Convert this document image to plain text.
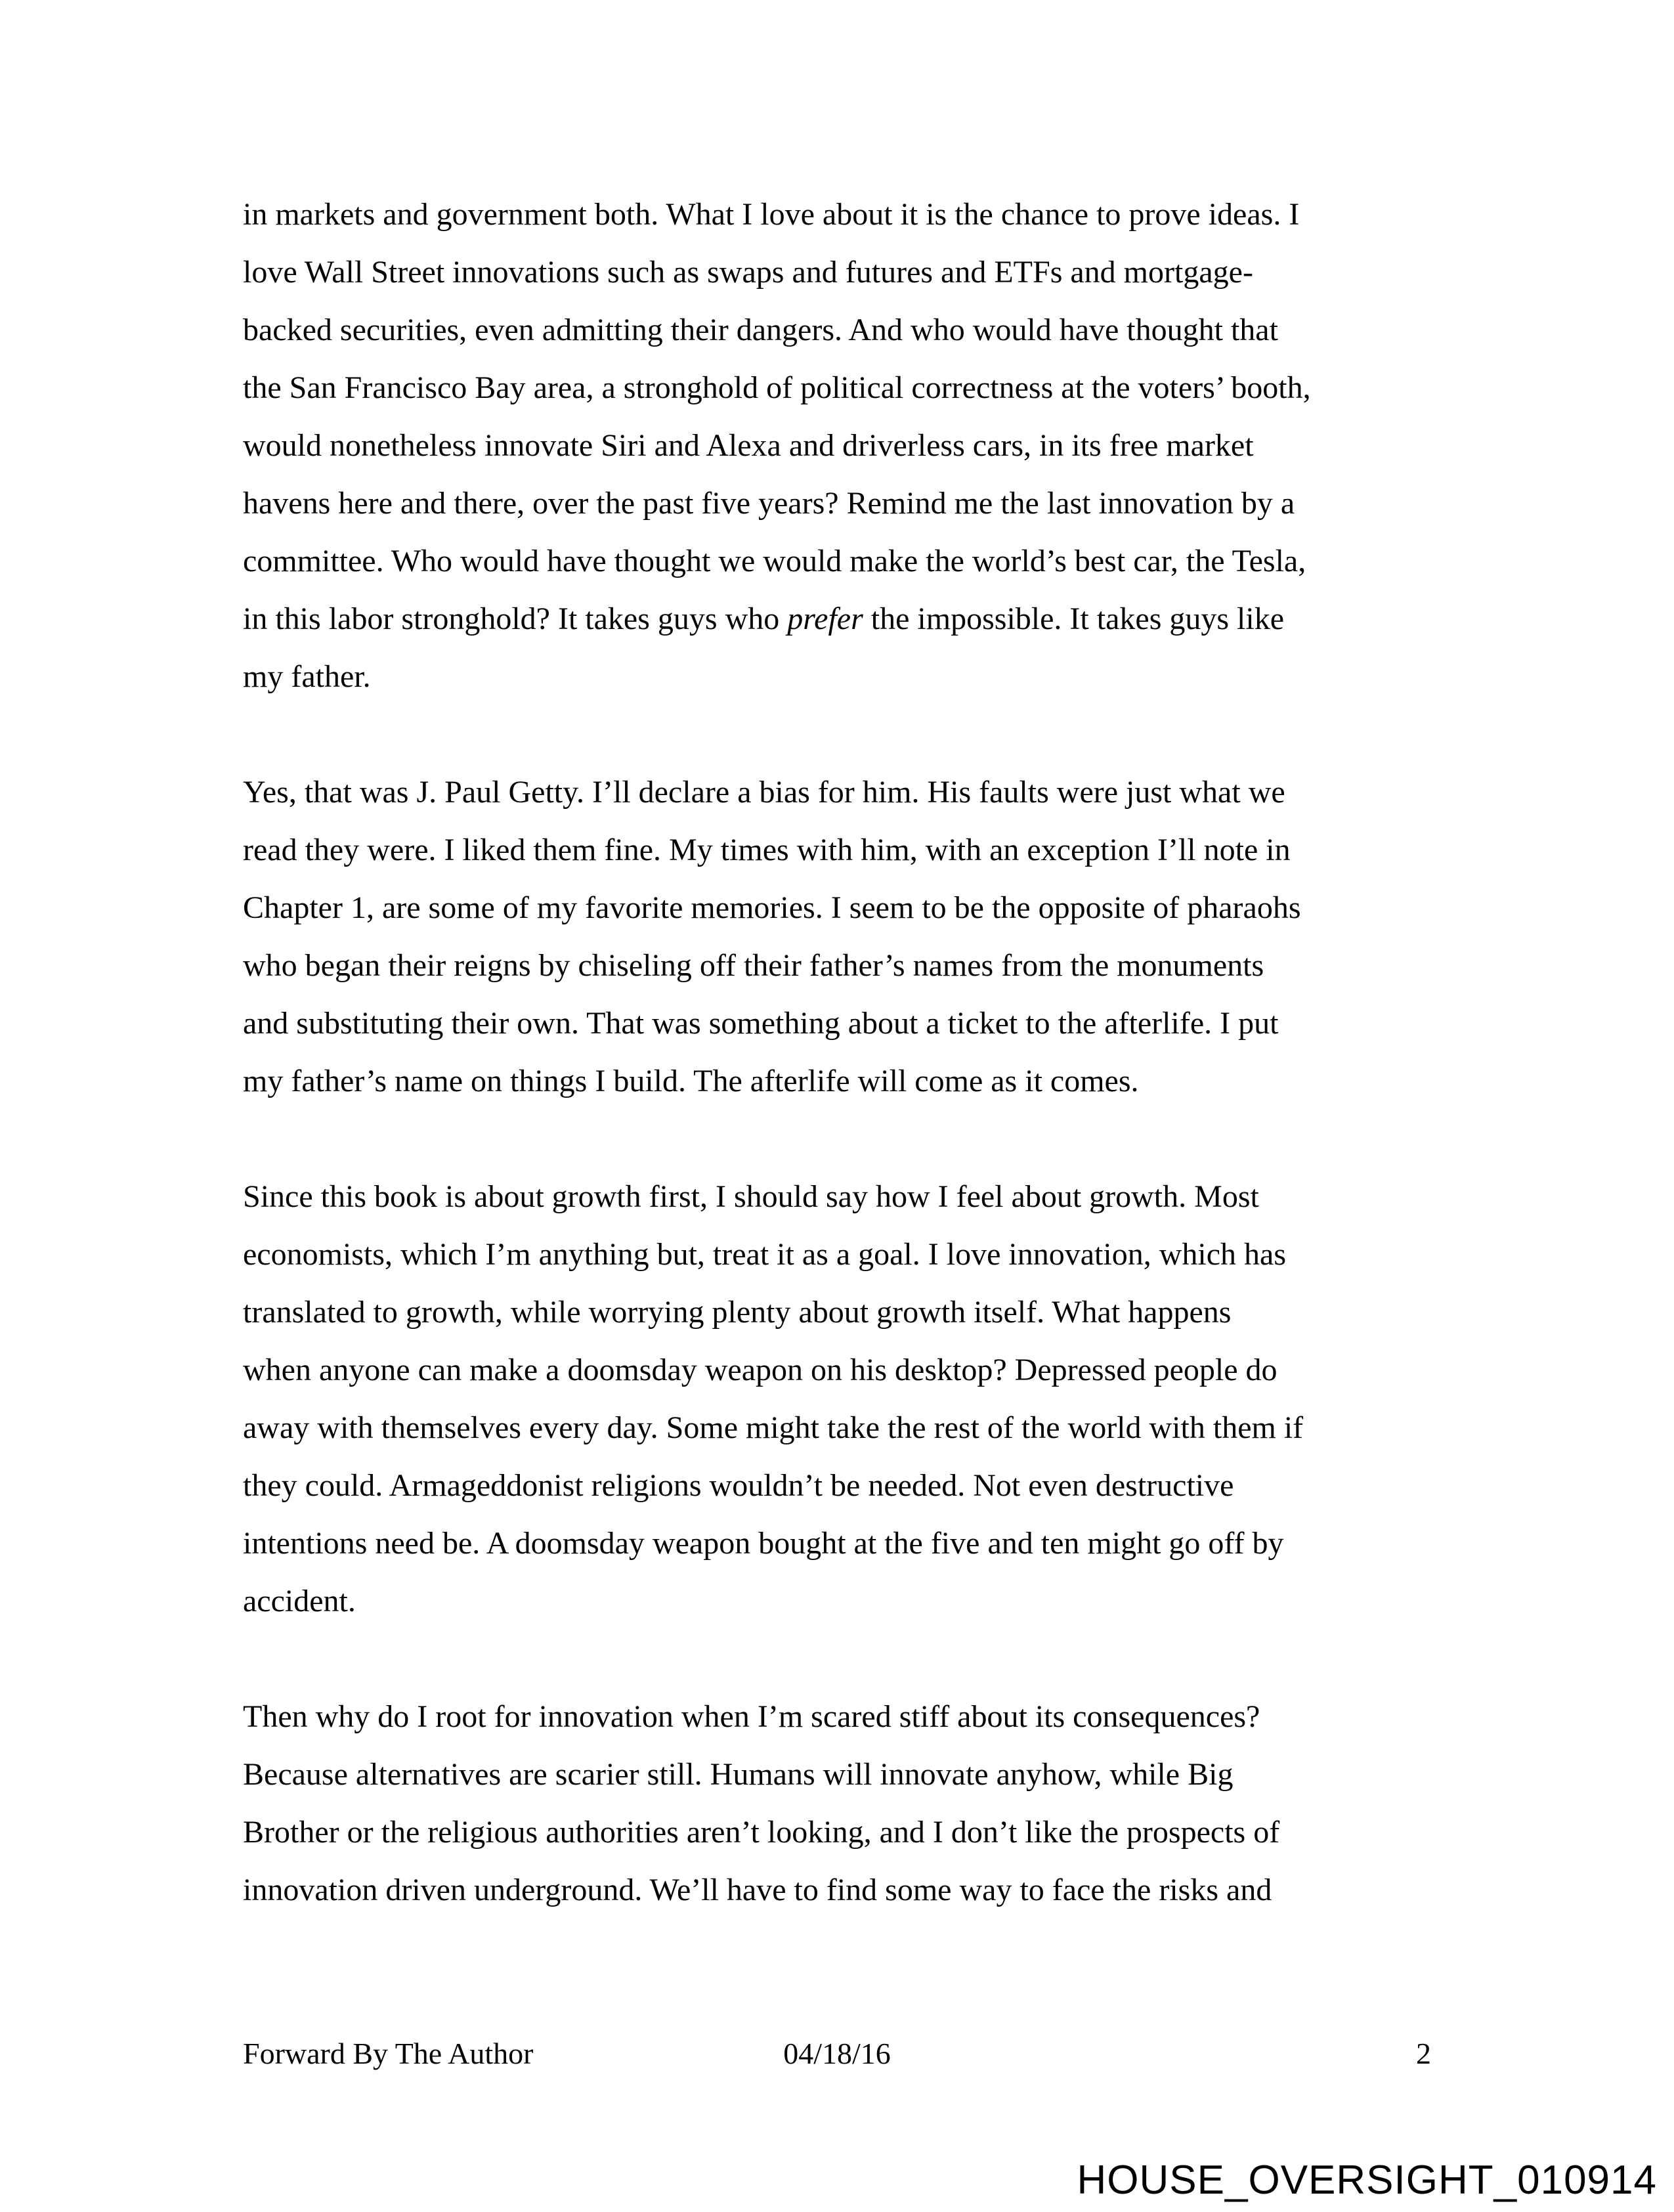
in markets and government both. What I love about it is the chance to prove ideas. I
love Wall Street innovations such as swaps and futures and ETFs and mortgage-
backed securities, even admitting their dangers. And who would have thought that
the San Francisco Bay area, a stronghold of political correctness at the voters’ booth,
would nonetheless innovate Siri and Alexa and driverless cars, in its free market
havens here and there, over the past five years? Remind me the last innovation by a
committee. Who would have thought we would make the world’s best car, the Tesla,
in this labor stronghold? It takes guys who prefer the impossible. It takes guys like
my father.

Yes, that was J. Paul Getty. I’ll declare a bias for him. His faults were just what we
read they were. I liked them fine. My times with him, with an exception I’ll note in
Chapter 1, are some of my favorite memories. I seem to be the opposite of pharaohs
who began their reigns by chiseling off their father’s names from the monuments
and substituting their own. That was something about a ticket to the afterlife. I put
my father’s name on things I build. The afterlife will come as it comes.

Since this book is about growth first, I should say how I feel about growth. Most
economists, which I’m anything but, treat it as a goal. I love innovation, which has
translated to growth, while worrying plenty about growth itself. What happens
when anyone can make a doomsday weapon on his desktop? Depressed people do
away with themselves every day. Some might take the rest of the world with them if
they could. Armageddonist religions wouldn’t be needed. Not even destructive
intentions need be. A doomsday weapon bought at the five and ten might go off by
accident.

Then why do I root for innovation when I’m scared stiff about its consequences?
Because alternatives are scarier still. Humans will innovate anyhow, while Big
Brother or the religious authorities aren’t looking, and I don’t like the prospects of
innovation driven underground. We’ll have to find some way to face the risks and

Forward By The Author	04/18/16	2
HOUSE_OVERSIGHT_010914
